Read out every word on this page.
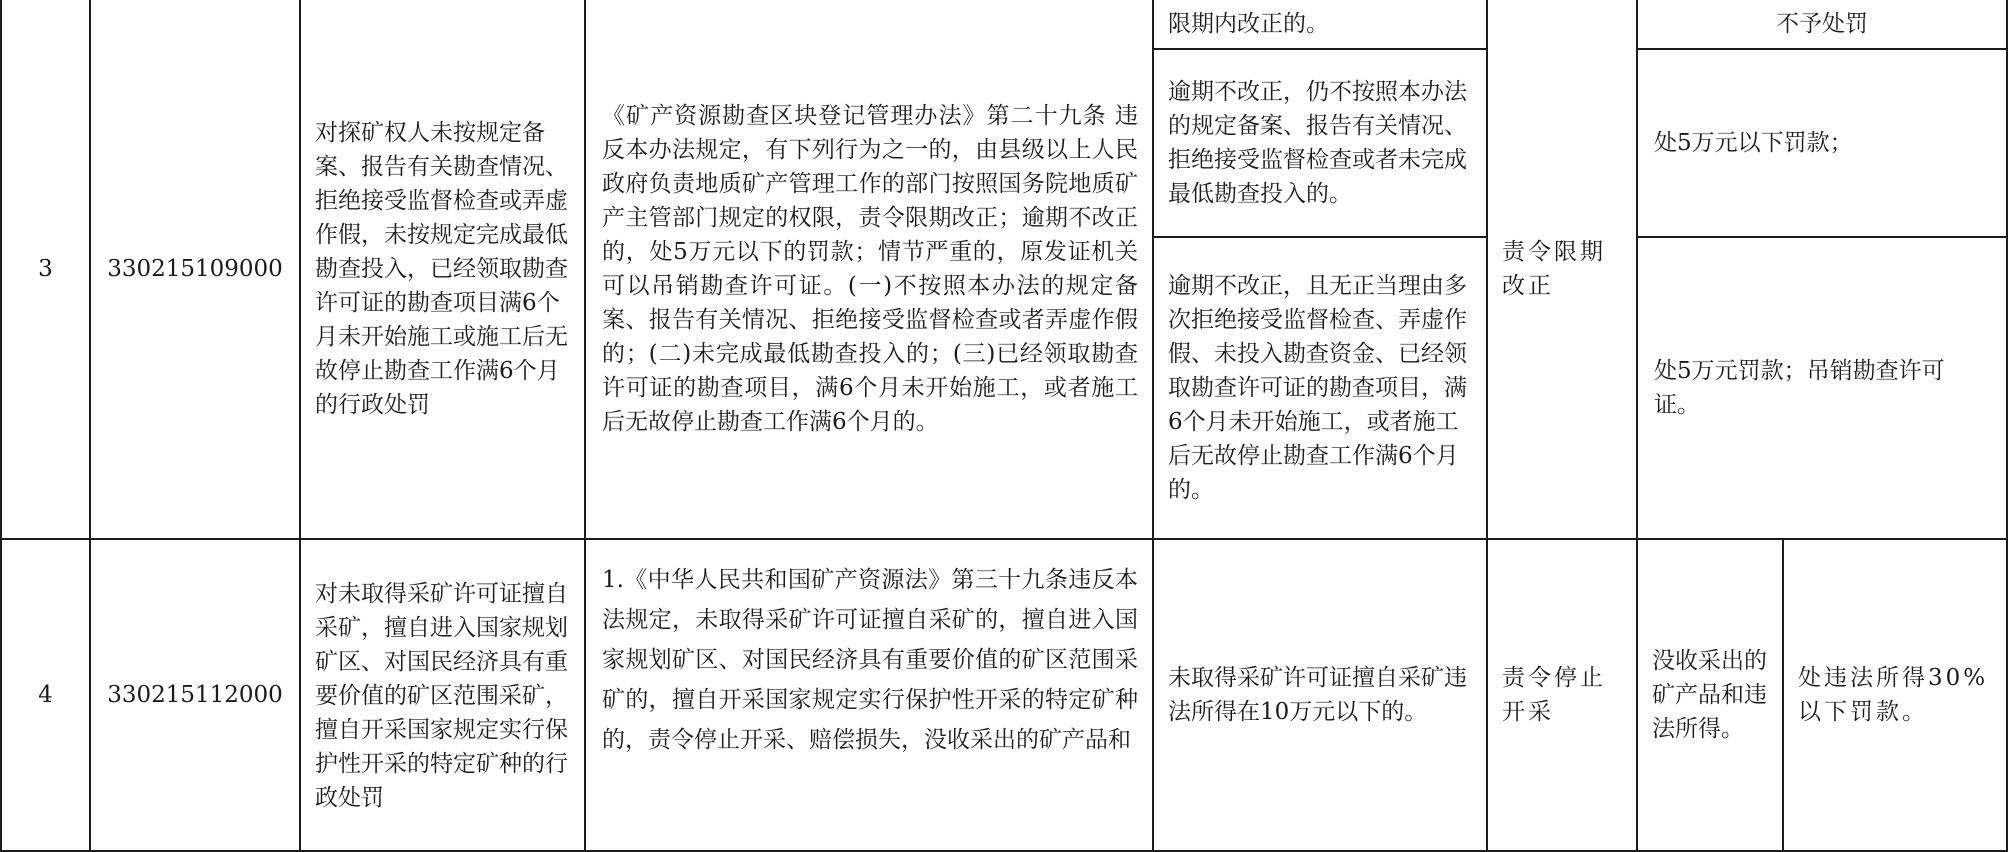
3	330215109000	对探矿权人未按规定备案、报告有关勘查情况、拒绝接受监督检查或弄虚作假，未按规定完成最低勘查投入，已经领取勘查许可证的勘查项目满6个月未开始施工或施工后无故停止勘查工作满6个月的行政处罚	《矿产资源勘查区块登记管理办法》第二十九条 违反本办法规定，有下列行为之一的，由县级以上人民政府负责地质矿产管理工作的部门按照国务院地质矿产主管部门规定的权限，责令限期改正；逾期不改正的，处5万元以下的罚款；情节严重的，原发证机关可以吊销勘查许可证。(一)不按照本办法的规定备案、报告有关情况、拒绝接受监督检查或者弄虚作假的；(二)未完成最低勘查投入的；(三)已经领取勘查许可证的勘查项目，满6个月未开始施工，或者施工后无故停止勘查工作满6个月的。	限期内改正的。	责令限期改正	不予处罚	

				逾期不改正，仍不按照本办法的规定备案、报告有关情况、拒绝接受监督检查或者未完成最低勘查投入的。		处5万元以下罚款；	

				逾期不改正，且无正当理由多次拒绝接受监督检查、弄虚作假、未投入勘查资金、已经领取勘查许可证的勘查项目，满6个月未开始施工，或者施工后无故停止勘查工作满6个月的。		处5万元罚款；吊销勘查许可证。	

4	330215112000	对未取得采矿许可证擅自采矿，擅自进入国家规划矿区、对国民经济具有重要价值的矿区范围采矿，擅自开采国家规定实行保护性开采的特定矿种的行政处罚	1.《中华人民共和国矿产资源法》第三十九条违反本法规定，未取得采矿许可证擅自采矿的，擅自进入国家规划矿区、对国民经济具有重要价值的矿区范围采矿的，擅自开采国家规定实行保护性开采的特定矿种的，责令停止开采、赔偿损失，没收采出的矿产品和	未取得采矿许可证擅自采矿违法所得在10万元以下的。	责令停止开采	没收采出的矿产品和违法所得。	处违法所得30%以下罚款。
